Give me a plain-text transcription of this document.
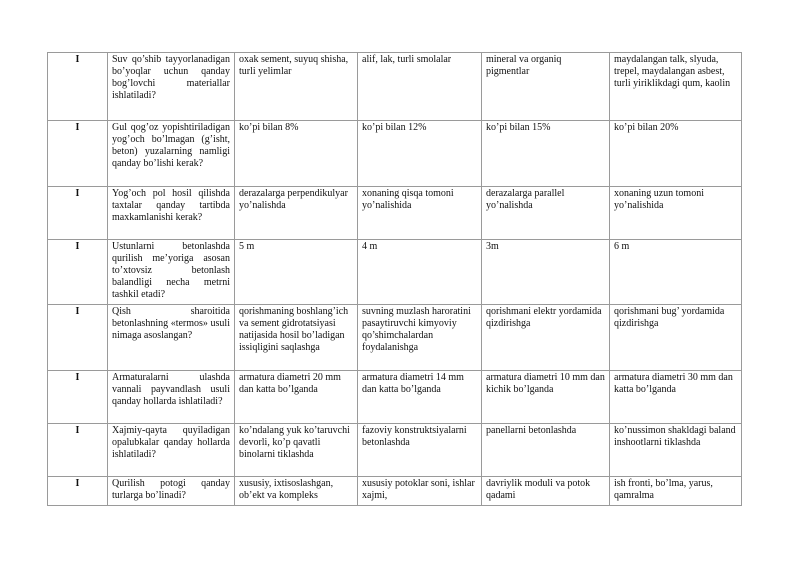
I	Suv qo’shib tayyorlanadigan bo’yoqlar uchun qanday bog’lovchi materiallar ishlatiladi?	oxak sement, suyuq shisha, turli yelimlar	alif, lak, turli smolalar	mineral va organiq pigmentlar	maydalangan talk, slyuda, trepel, maydalangan asbest, turli yiriklikdagi qum, kaolin
I	Gul qog’oz yopishtiriladigan yog’och bo’lmagan (g’isht, beton) yuzalarning namligi qanday bo’lishi kerak?	ko’pi bilan 8%	ko’pi bilan 12%	ko’pi bilan 15%	ko’pi bilan 20%
I	Yog’och pol hosil qilishda taxtalar qanday tartibda maxkamlanishi kerak?	derazalarga perpendikulyar yo’nalishda	xonaning qisqa tomoni yo’nalishida	derazalarga parallel yo’nalishda	xonaning uzun tomoni yo’nalishida
I	Ustunlarni betonlashda qurilish me’yoriga asosan to’xtovsiz betonlash balandligi necha metrni tashkil etadi?	5 m	4 m	3m	6 m
I	Qish sharoitida betonlashning «termos» usuli nimaga asoslangan?	qorishmaning boshlang’ich va sement gidrotatsiyasi natijasida hosil bo’ladigan issiqligini saqlashga	suvning muzlash haroratini pasaytiruvchi kimyoviy qo’shimchalardan foydalanishga	qorishmani elektr yordamida qizdirishga	qorishmani bug’ yordamida qizdirishga
I	Armaturalarni ulashda vannali payvandlash usuli qanday hollarda ishlatiladi?	armatura diametri 20 mm dan katta bo’lganda	armatura diametri 14 mm dan katta bo’lganda	armatura diametri 10 mm dan kichik bo’lganda	armatura diametri 30 mm dan katta bo’lganda
I	Xajmiy-qayta quyiladigan opalubkalar qanday hollarda ishlatiladi?	ko’ndalang yuk ko’taruvchi devorli, ko’p qavatli binolarni tiklashda	fazoviy konstruktsiyalarni betonlashda	panellarni betonlashda	ko’nussimon shakldagi baland inshootlarni tiklashda
I	Qurilish potogi qanday turlarga bo’linadi?	xususiy, ixtisoslashgan, ob’ekt va kompleks	xususiy potoklar soni, ishlar xajmi,	davriylik moduli va potok qadami	ish fronti, bo’lma, yarus, qamralma
